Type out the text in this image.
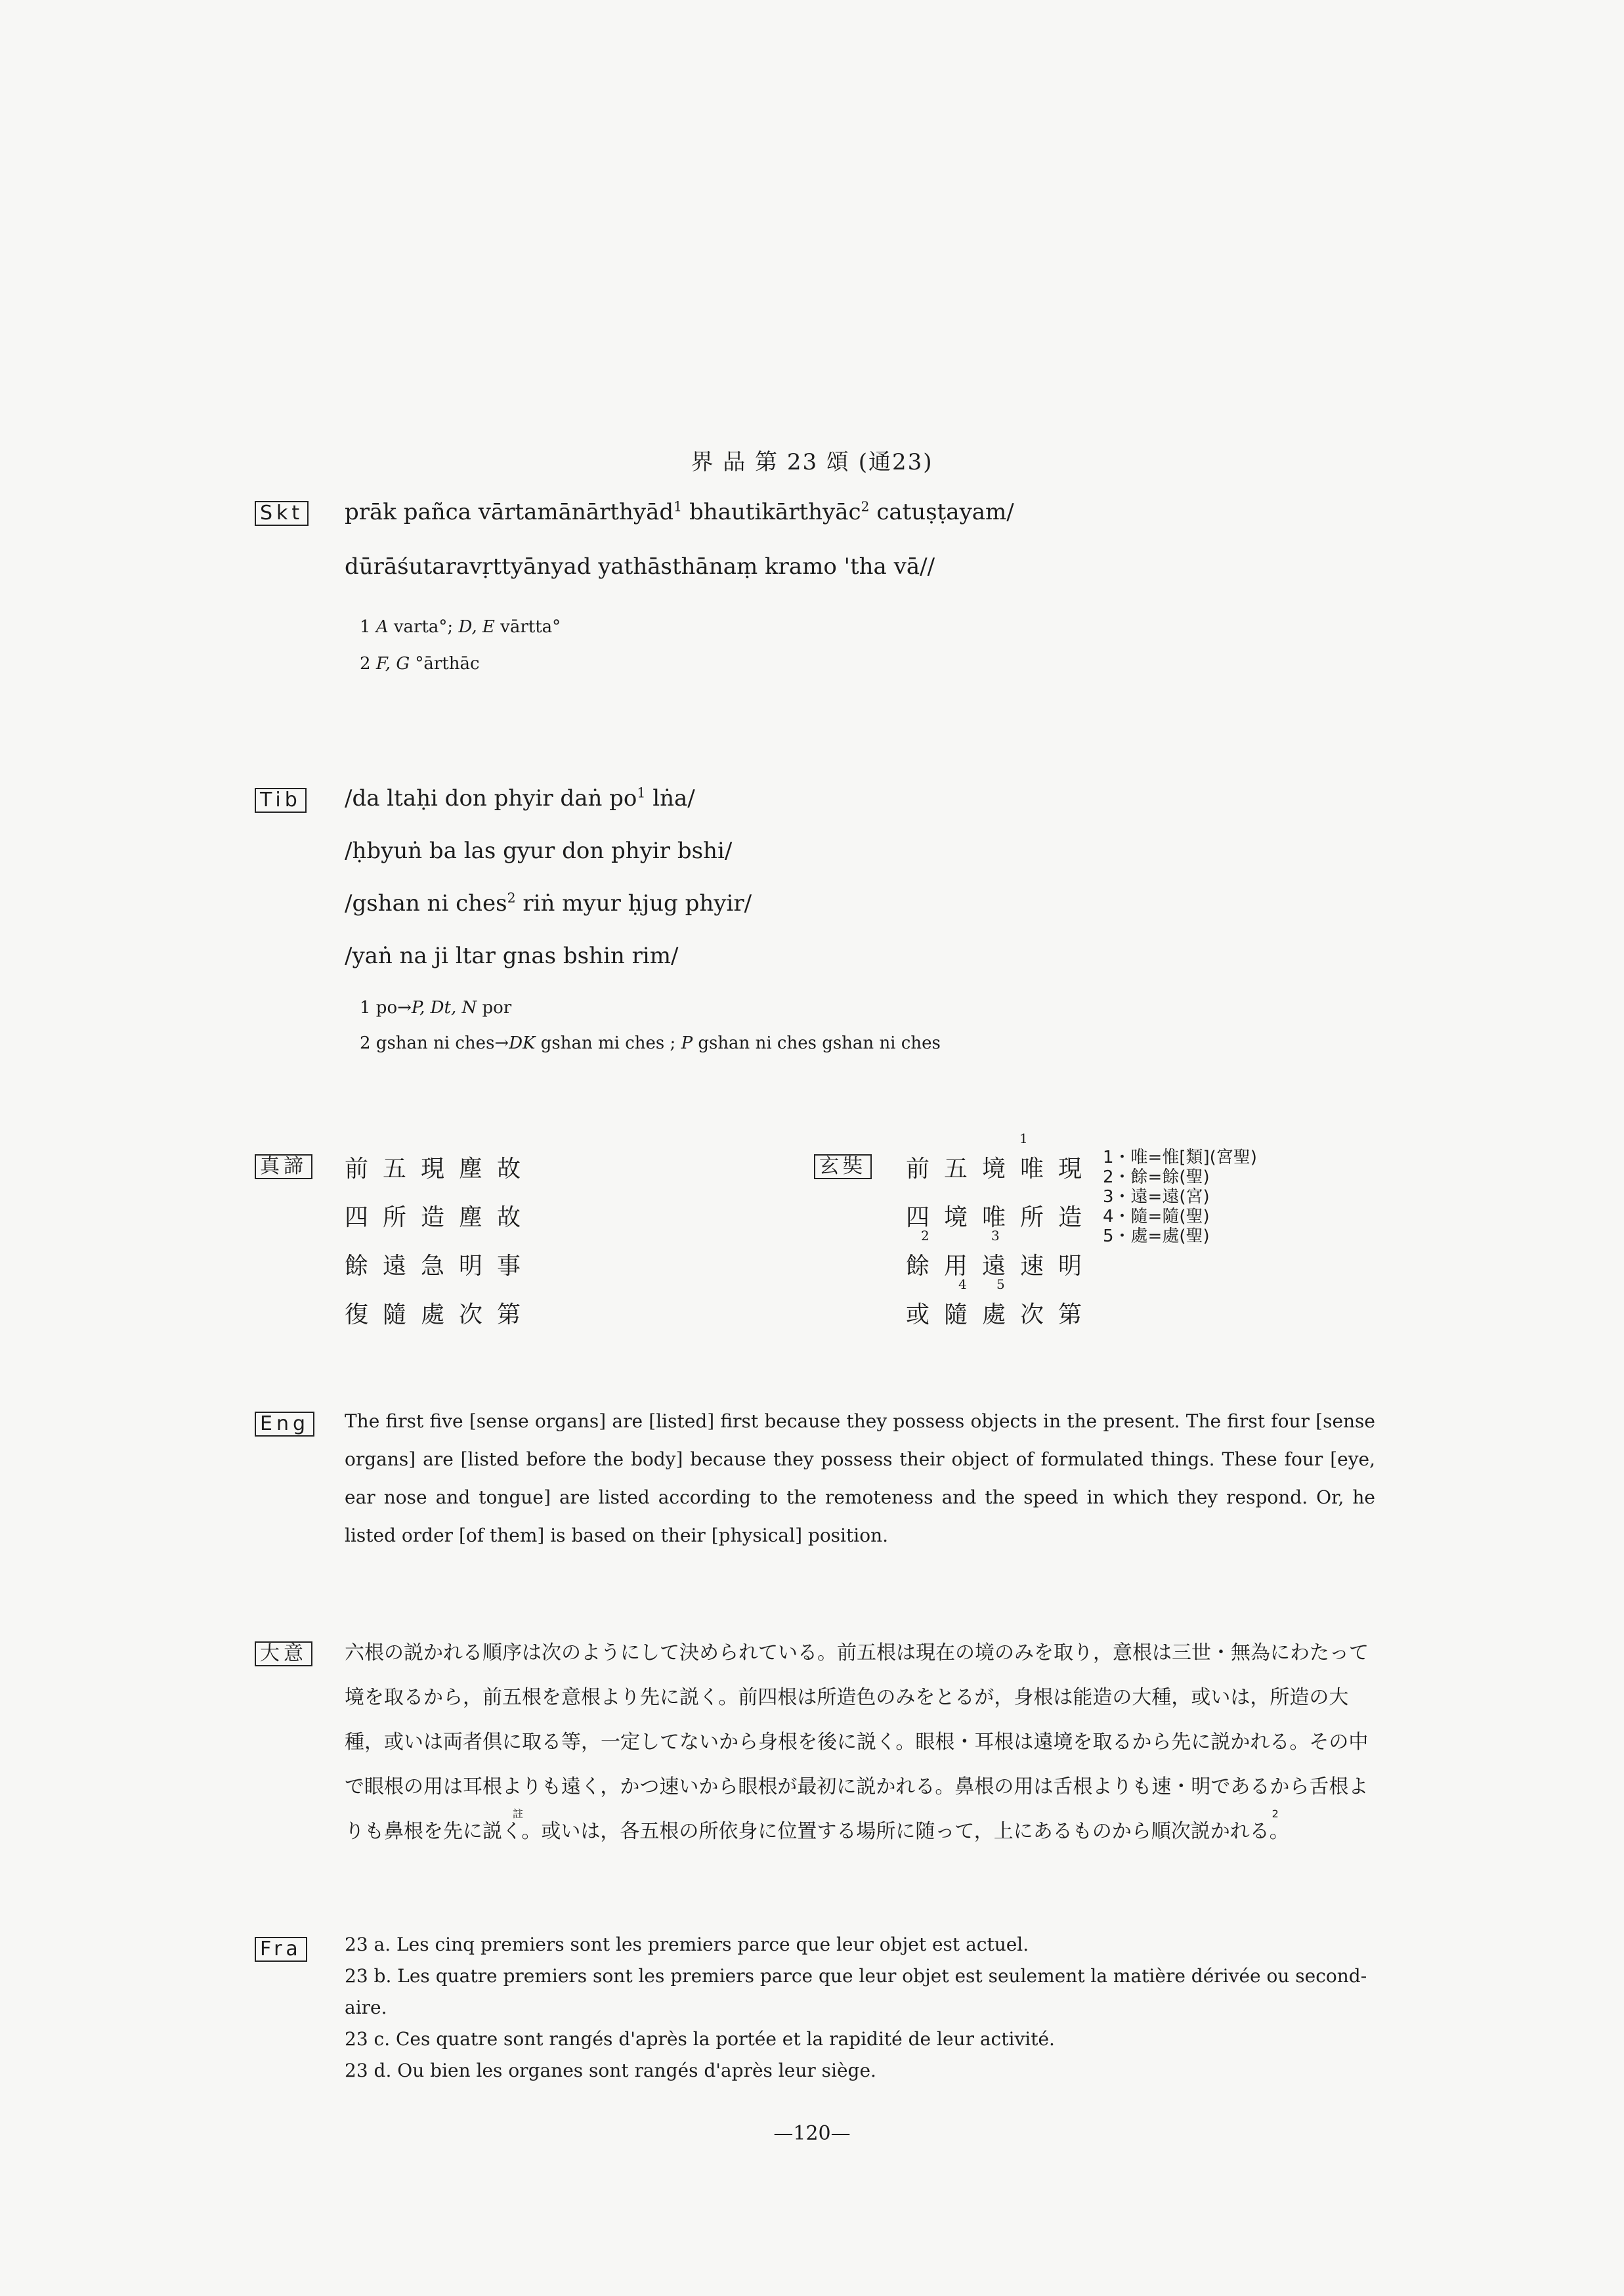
界 品 第 23 頌 (通23)
Skt prāk pañca vārtamānārthyād$^1$ bhautikārthyāc$^2$ catuṣṭayam/
dūrāśutaravṛttyānyad yathāsthānaṃ kramo 'tha vā//
1 A varta°; D, E vārtta°
2 F, G °ārthāc
Tib /da ltaḥi don phyir daṅ $po^1$ lṅa/
/ḥbyuṅ ba las gyur don phyir bshi/
/gshan ni ches$^2$ riṅ myur ḥjug phyir/
/yaṅ na ji ltar gnas bshin rim/
1 po→P, Dt, N por
2 gshan ni ches→DK gshan mi ches ; P gshan ni ches gshan ni ches
真諦 前五現塵故
四所造塵故
餘遠急明事
復隨處次第
玄奘 前五境唯現
四境唯所造
餘用遠速明
或隨處次第
1
2	3
4 5
1・唯=惟[類](宮聖)
2・餘=餘(聖)
3・遠=遠(宮)
4・隨=隨(聖)
5・處=處(聖)
Eng The first five [sense organs] are [listed] first because they possess objects in the present. The first four [sense organs] are [listed before the body] because they possess their object of formulated things. These four [eye, ear nose and tongue] are listed according to the remoteness and the speed in which they respond. Or, he listed order [of them] is based on their [physical] position.
大意 六根の説かれる順序は次のようにして決められている。前五根は現在の境のみを取り，意根は三世・無為にわたって境を取るから，前五根を意根より先に説く。前四根は所造色のみをとるが，身根は能造の大種，或いは，所造の大種，或いは両者倶に取る等，一定してないから身根を後に説く。眼根・耳根は遠境を取るから先に説かれる。その中で眼根の用は耳根よりも遠く，かつ速いから眼根が最初に説かれる。鼻根の用は舌根よりも速・明であるから舌根よりも鼻根を先に説く。或いは，各五根の所依身に位置する場所に随って，上にあるものから順次説かれる。註2
Fra 23 a. Les cinq premiers sont les premiers parce que leur objet est actuel.
23 b. Les quatre premiers sont les premiers parce que leur objet est seulement la matière dérivée ou second-
aire.
23 c. Ces quatre sont rangés d'après la portée et la rapidité de leur activité.
23 d. Ou bien les organes sont rangés d'après leur siège.
—120—
